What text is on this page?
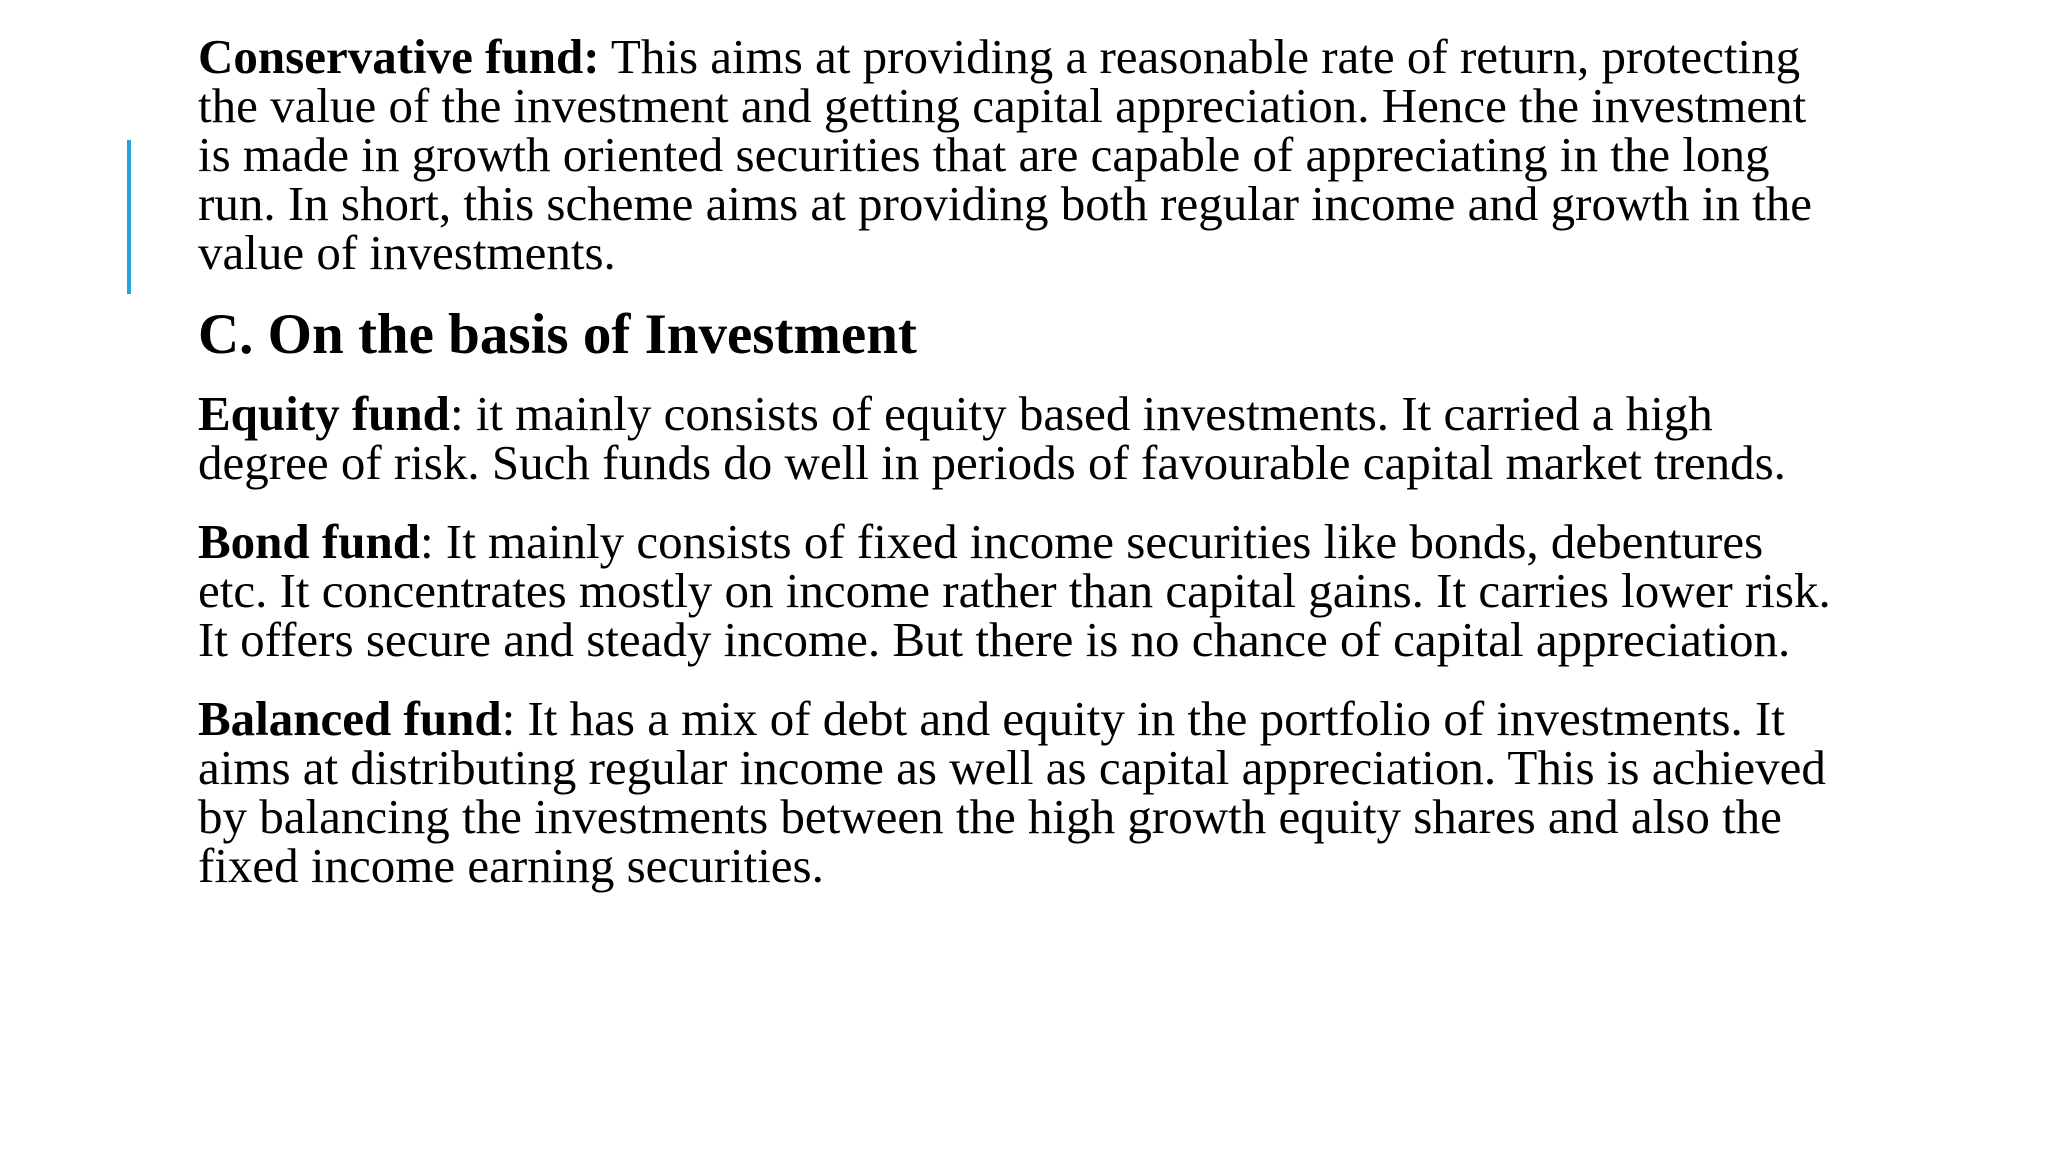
Conservative fund: This aims at providing a reasonable rate of return, protecting the value of the investment and getting capital appreciation. Hence the investment is made in growth oriented securities that are capable of appreciating in the long run. In short, this scheme aims at providing both regular income and growth in the value of investments.

C. On the basis of Investment

Equity fund: it mainly consists of equity based investments. It carried a high degree of risk. Such funds do well in periods of favourable capital market trends.

Bond fund: It mainly consists of fixed income securities like bonds, debentures etc. It concentrates mostly on income rather than capital gains. It carries lower risk. It offers secure and steady income. But there is no chance of capital appreciation.

Balanced fund: It has a mix of debt and equity in the portfolio of investments. It aims at distributing regular income as well as capital appreciation. This is achieved by balancing the investments between the high growth equity shares and also the fixed income earning securities.
